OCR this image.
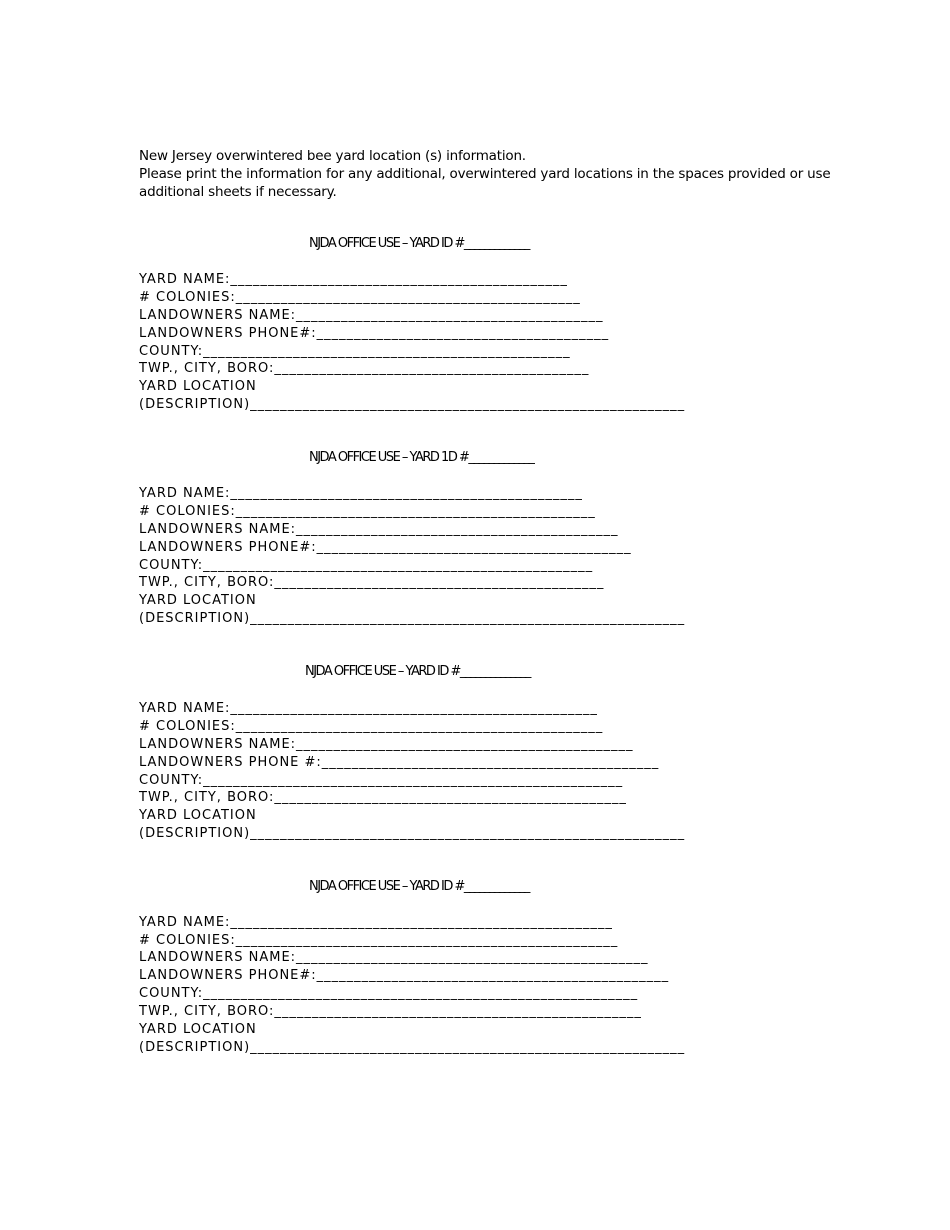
New Jersey overwintered bee yard location (s) information.
Please print the information for any additional, overwintered yard locations in the spaces provided or use
additional sheets if necessary.
NJDA OFFICE USE – YARD ID #_____________
YARD NAME:_____________________________________________
# COLONIES:______________________________________________
LANDOWNERS NAME:_________________________________________
LANDOWNERS PHONE#:_______________________________________
COUNTY:_________________________________________________
TWP., CITY, BORO:__________________________________________
YARD LOCATION
(DESCRIPTION)__________________________________________________________
NJDA OFFICE USE – YARD 1D #_____________
YARD NAME:_______________________________________________
# COLONIES:________________________________________________
LANDOWNERS NAME:___________________________________________
LANDOWNERS PHONE#:__________________________________________
COUNTY:____________________________________________________
TWP., CITY, BORO:____________________________________________
YARD LOCATION
(DESCRIPTION)__________________________________________________________
NJDA OFFICE USE – YARD ID #______________
YARD NAME:_________________________________________________
# COLONIES:_________________________________________________
LANDOWNERS NAME:_____________________________________________
LANDOWNERS PHONE #:_____________________________________________
COUNTY:________________________________________________________
TWP., CITY, BORO:_______________________________________________
YARD LOCATION
(DESCRIPTION)__________________________________________________________
NJDA OFFICE USE – YARD ID #_____________
YARD NAME:___________________________________________________
# COLONIES:___________________________________________________
LANDOWNERS NAME:_______________________________________________
LANDOWNERS PHONE#:_______________________________________________
COUNTY:__________________________________________________________
TWP., CITY, BORO:_________________________________________________
YARD LOCATION
(DESCRIPTION)__________________________________________________________
